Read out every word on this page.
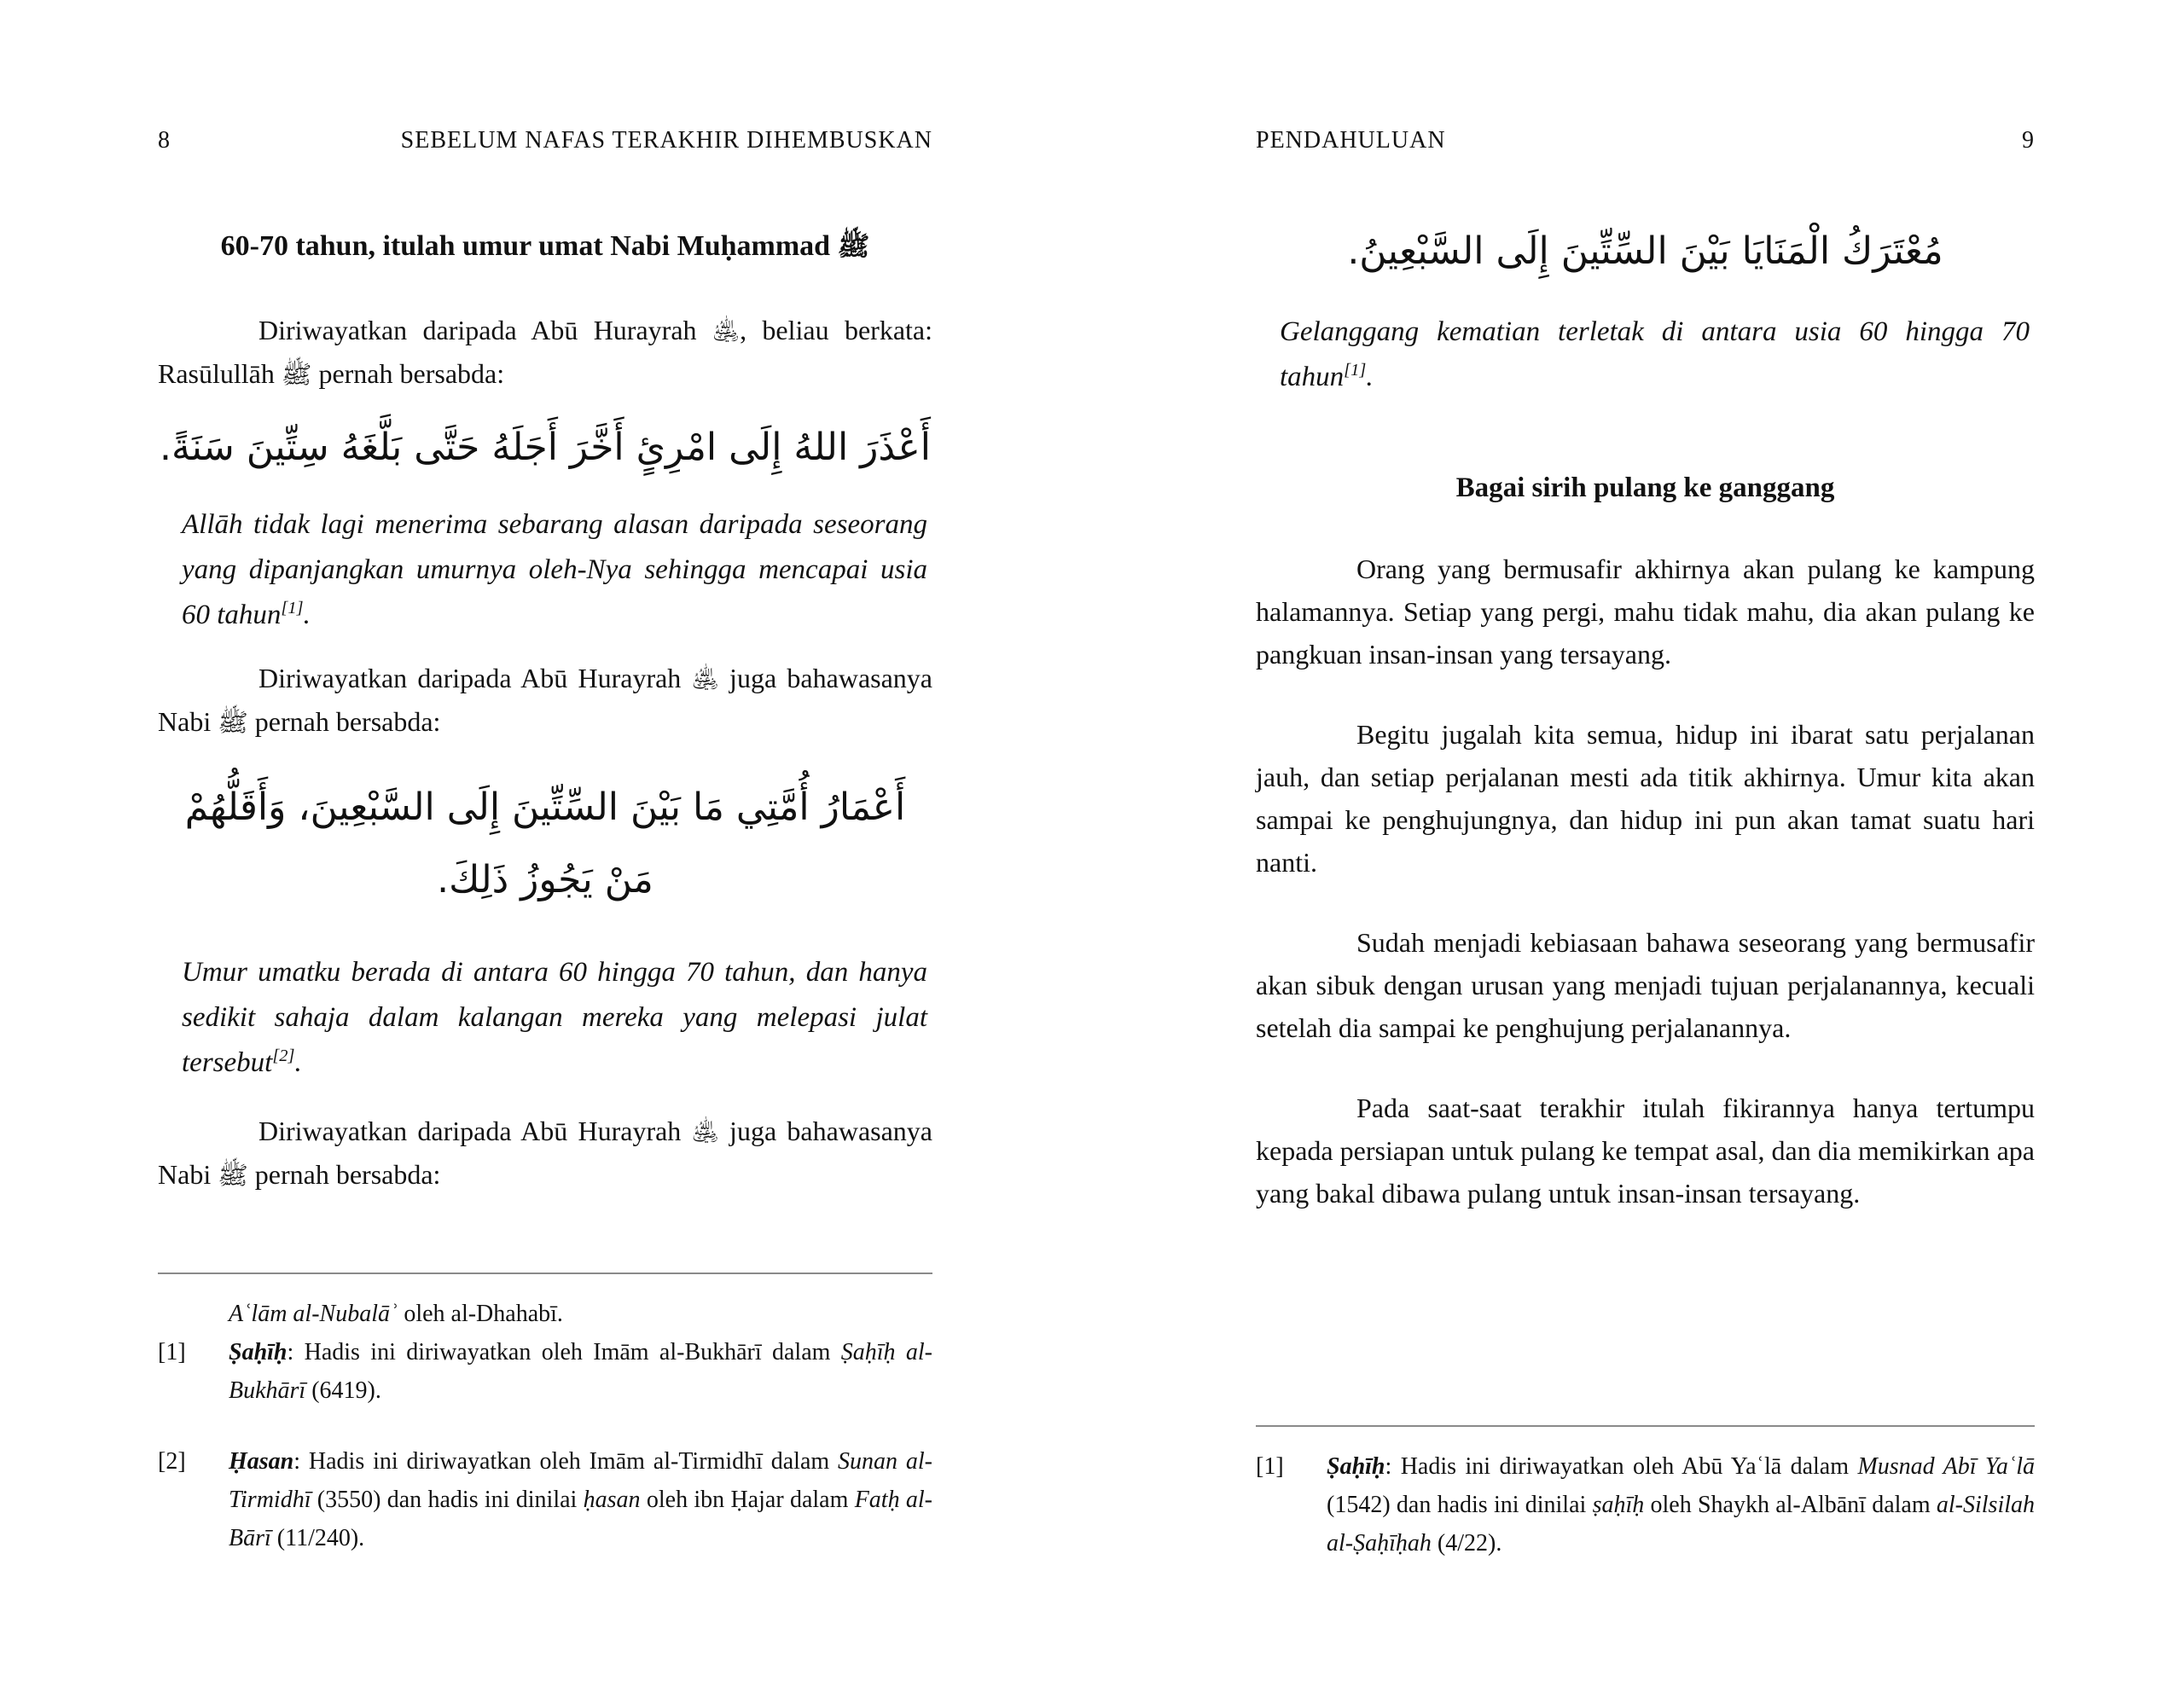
8	SEBELUM NAFAS TERAKHIR DIHEMBUSKAN
60-70 tahun, itulah umur umat Nabi Muḥammad ﷺ

Diriwayatkan daripada Abū Hurayrah ﵁, beliau berkata: Rasūlullāh ﷺ pernah bersabda:

أَعْذَرَ اللهُ إِلَى امْرِئٍ أَخَّرَ أَجَلَهُ حَتَّى بَلَّغَهُ سِتِّينَ سَنَةً.

Allāh tidak lagi menerima sebarang alasan daripada seseorang yang dipanjangkan umurnya oleh-Nya sehingga mencapai usia 60 tahun[1].

Diriwayatkan daripada Abū Hurayrah ﵁ juga bahawasanya Nabi ﷺ pernah bersabda:

أَعْمَارُ أُمَّتِي مَا بَيْنَ السِّتِّينَ إِلَى السَّبْعِينَ، وَأَقَلُّهُمْ مَنْ يَجُوزُ ذَلِكَ.

Umur umatku berada di antara 60 hingga 70 tahun, dan hanya sedikit sahaja dalam kalangan mereka yang melepasi julat tersebut[2].

Diriwayatkan daripada Abū Hurayrah ﵁ juga bahawasanya Nabi ﷺ pernah bersabda:

Aʿlām al-Nubalāʾ oleh al-Dhahabī.

[1]	Ṣaḥīḥ: Hadis ini diriwayatkan oleh Imām al-Bukhārī dalam Ṣaḥīḥ al-Bukhārī (6419).

[2]	Ḥasan: Hadis ini diriwayatkan oleh Imām al-Tirmidhī dalam Sunan al-Tirmidhī (3550) dan hadis ini dinilai ḥasan oleh ibn Ḥajar dalam Fatḥ al-Bārī (11/240).

PENDAHULUAN	9

مُعْتَرَكُ الْمَنَايَا بَيْنَ السِّتِّينَ إِلَى السَّبْعِينُ.

Gelanggang kematian terletak di antara usia 60 hingga 70 tahun[1].

Bagai sirih pulang ke ganggang

Orang yang bermusafir akhirnya akan pulang ke kampung halamannya. Setiap yang pergi, mahu tidak mahu, dia akan pulang ke pangkuan insan-insan yang tersayang.

Begitu jugalah kita semua, hidup ini ibarat satu perjalanan jauh, dan setiap perjalanan mesti ada titik akhirnya. Umur kita akan sampai ke penghujungnya, dan hidup ini pun akan tamat suatu hari nanti.

Sudah menjadi kebiasaan bahawa seseorang yang bermusafir akan sibuk dengan urusan yang menjadi tujuan perjalanannya, kecuali setelah dia sampai ke penghujung perjalanannya.

Pada saat-saat terakhir itulah fikirannya hanya tertumpu kepada persiapan untuk pulang ke tempat asal, dan dia memikirkan apa yang bakal dibawa pulang untuk insan-insan tersayang.

[1]	Ṣaḥīḥ: Hadis ini diriwayatkan oleh Abū Yaʿlā dalam Musnad Abī Yaʿlā (1542) dan hadis ini dinilai ṣaḥīḥ oleh Shaykh al-Albānī dalam al-Silsilah al-Ṣaḥīḥah (4/22).
